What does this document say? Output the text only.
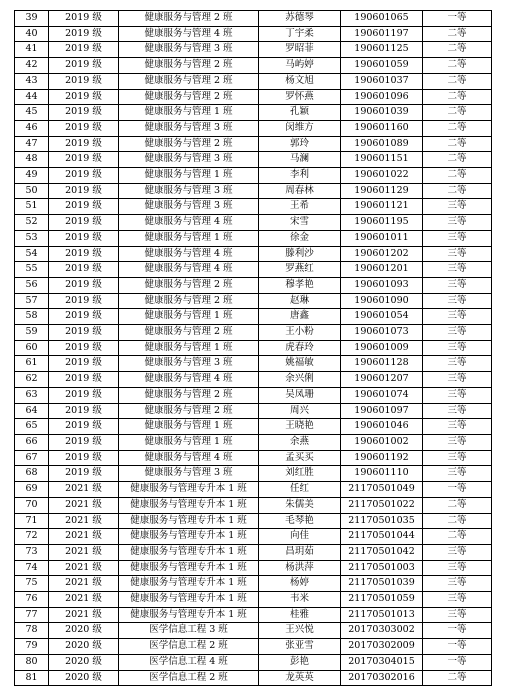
39	2019 级	健康服务与管理 2 班	苏德琴	190601065	一等
40	2019 级	健康服务与管理 4 班	丁宇柔	190601197	二等
41	2019 级	健康服务与管理 3 班	罗昭菲	190601125	二等
42	2019 级	健康服务与管理 2 班	马屿婷	190601059	二等
43	2019 级	健康服务与管理 2 班	杨文旭	190601037	二等
44	2019 级	健康服务与管理 2 班	罗怀燕	190601096	二等
45	2019 级	健康服务与管理 1 班	孔颖	190601039	二等
46	2019 级	健康服务与管理 3 班	闵维方	190601160	二等
47	2019 级	健康服务与管理 2 班	郭玲	190601089	二等
48	2019 级	健康服务与管理 3 班	马澜	190601151	二等
49	2019 级	健康服务与管理 1 班	李利	190601022	二等
50	2019 级	健康服务与管理 3 班	周春林	190601129	二等
51	2019 级	健康服务与管理 3 班	王希	190601121	三等
52	2019 级	健康服务与管理 4 班	宋雪	190601195	三等
53	2019 级	健康服务与管理 1 班	徐金	190601011	三等
54	2019 级	健康服务与管理 4 班	滕利沙	190601202	三等
55	2019 级	健康服务与管理 4 班	罗燕红	190601201	三等
56	2019 级	健康服务与管理 2 班	穆孝艳	190601093	三等
57	2019 级	健康服务与管理 2 班	赵琳	190601090	三等
58	2019 级	健康服务与管理 1 班	唐鑫	190601054	三等
59	2019 级	健康服务与管理 2 班	王小粉	190601073	三等
60	2019 级	健康服务与管理 1 班	虎春玲	190601009	三等
61	2019 级	健康服务与管理 3 班	姚福敏	190601128	三等
62	2019 级	健康服务与管理 4 班	余兴俐	190601207	三等
63	2019 级	健康服务与管理 2 班	吴凤珊	190601074	三等
64	2019 级	健康服务与管理 2 班	周兴	190601097	三等
65	2019 级	健康服务与管理 1 班	王晓艳	190601046	三等
66	2019 级	健康服务与管理 1 班	余燕	190601002	三等
67	2019 级	健康服务与管理 4 班	孟买买	190601192	三等
68	2019 级	健康服务与管理 3 班	刘红胜	190601110	三等
69	2021 级	健康服务与管理专升本 1 班	任红	21170501049	一等
70	2021 级	健康服务与管理专升本 1 班	朱儒美	21170501022	二等
71	2021 级	健康服务与管理专升本 1 班	毛琴艳	21170501035	二等
72	2021 级	健康服务与管理专升本 1 班	向佳	21170501044	二等
73	2021 级	健康服务与管理专升本 1 班	昌玥茹	21170501042	三等
74	2021 级	健康服务与管理专升本 1 班	杨洪萍	21170501003	三等
75	2021 级	健康服务与管理专升本 1 班	杨婷	21170501039	三等
76	2021 级	健康服务与管理专升本 1 班	韦米	21170501059	三等
77	2021 级	健康服务与管理专升本 1 班	桂雅	21170501013	三等
78	2020 级	医学信息工程 3 班	王兴悦	20170303002	一等
79	2020 级	医学信息工程 2 班	张亚雪	20170302009	一等
80	2020 级	医学信息工程 4 班	彭艳	20170304015	一等
81	2020 级	医学信息工程 2 班	龙英英	20170302016	二等
